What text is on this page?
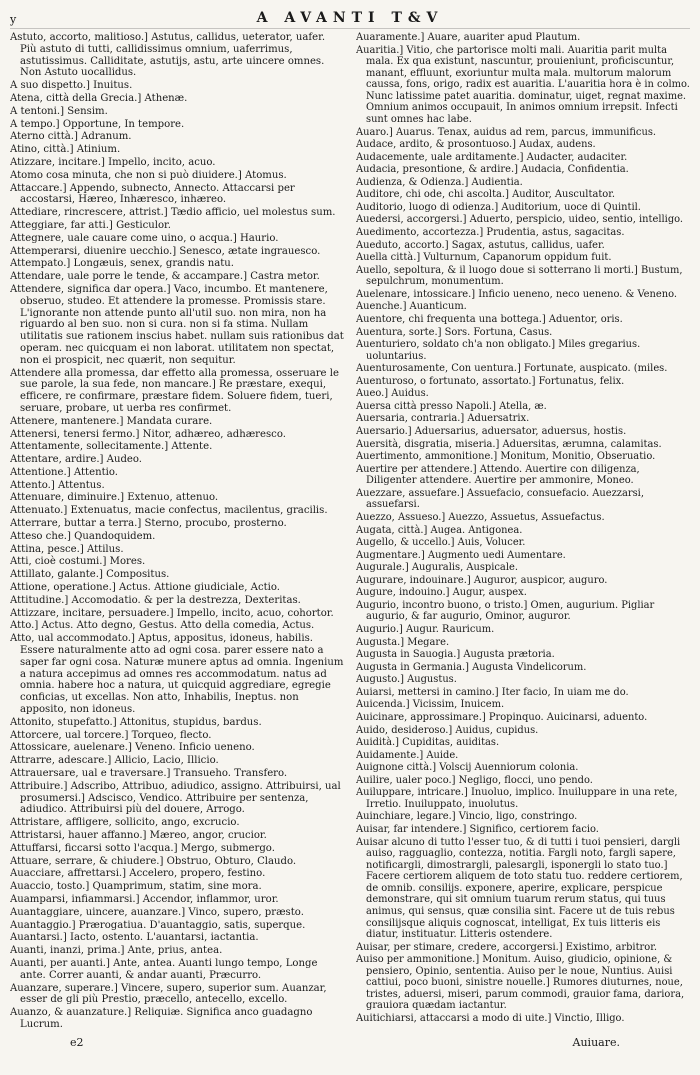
y	A AVANTI T&V
Astuto, accorto, malitioso.] Astutus, callidus, ueterator, uafer. Più astuto di tutti, callidissimus omnium, uaferrimus, astutissimus. Calliditate, astutijs, astu, arte uincere omnes. Non Astuto uocallidus.
A suo dispetto.] Inuitus.
Atena, città della Grecia.] Athenæ.
A tentoni.] Sensim.
A tempo.] Opportune, In tempore.
Aterno città.] Adranum.
Atino, città.] Atinium.
Atizzare, incitare.] Impello, incito, acuo.
Atomo cosa minuta, che non si può diuidere.] Atomus.
Attaccare.] Appendo, subnecto, Annecto. Attaccarsi per accostarsi, Hæreo, Inhæresco, inhæreo.
Attediare, rincrescere, attrist.] Tædio afficio, uel molestus sum.
Atteggiare, far atti.] Gesticulor.
Attegnere, uale cauare come uino, o acqua.] Haurio.
Attemperarsi, diuenire uecchio.] Senesco, ætate ingrauesco.
Attempato.] Longæuis, senex, grandis natu.
Attendare, uale porre le tende, & accampare.] Castra metor.
Attendere, significa dar opera.] Vaco, incumbo. Et mantenere, obseruo, studeo. Et attendere la promesse. Promissis stare. L'ignorante non attende punto all'util suo. non mira, non ha riguardo al ben suo. non si cura. non si fa stima. Nullam utilitatis sue rationem inscius habet. nullam suis rationibus dat operam. nec quicquam ei non laborat. utilitatem non spectat, non ei prospicit, nec quærit, non sequitur.
Attendere alla promessa, dar effetto alla promessa, osseruare le sue parole, la sua fede, non mancare.] Re præstare, exequi, efficere, re confirmare, præstare fidem. Soluere fidem, tueri, seruare, probare, ut uerba res confirmet.
Attenere, mantenere.] Mandata curare.
Attenersi, tenersi fermo.] Nitor, adhæreo, adhæresco.
Attentamente, sollecitamente.] Attente.
Attentare, ardire.] Audeo.
Attentione.] Attentio.
Attento.] Attentus.
Attenuare, diminuire.] Extenuo, attenuo.
Attenuato.] Extenuatus, macie confectus, macilentus, gracilis.
Atterrare, buttar a terra.] Sterno, procubo, prosterno.
Atteso che.] Quandoquidem.
Attina, pesce.] Attilus.
Atti, cioè costumi.] Mores.
Attillato, galante.] Compositus.
Attione, operatione.] Actus. Attione giudiciale, Actio.
Attitudine.] Accomodatio. & per la destrezza, Dexteritas.
Attizzare, incitare, persuadere.] Impello, incito, acuo, cohortor.
Atto.] Actus. Atto degno, Gestus. Atto della comedia, Actus.
Atto, ual accommodato.] Aptus, appositus, idoneus, habilis. Essere naturalmente atto ad ogni cosa. parer essere nato a saper far ogni cosa. Naturæ munere aptus ad omnia. Ingenium a natura accepimus ad omnes res accommodatum. natus ad omnia. habere hoc a natura, ut quicquid aggrediare, egregie conficias, ut excellas. Non atto, Inhabilis, Ineptus. non apposito, non idoneus.
Attonito, stupefatto.] Attonitus, stupidus, bardus.
Attorcere, ual torcere.] Torqueo, flecto.
Attossicare, auelenare.] Veneno. Inficio ueneno.
Attrarre, adescare.] Allicio, Lacio, Illicio.
Attrauersare, ual e traversare.] Transueho. Transfero.
Attribuire.] Adscribo, Attribuo, adiudico, assigno. Attribuirsi, ual prosumersi.] Adscisco, Vendico. Attribuire per sentenza, adiudico. Attribuirsi più del douere, Arrogo.
Attristare, affligere, sollicito, ango, excrucio.
Attristarsi, hauer affanno.] Mæreo, angor, crucior.
Attuffarsi, ficcarsi sotto l'acqua.] Mergo, submergo.
Attuare, serrare, & chiudere.] Obstruo, Obturo, Claudo.
Auacciare, affrettarsi.] Accelero, propero, festino.
Auaccio, tosto.] Quamprimum, statim, sine mora.
Auamparsi, infiammarsi.] Accendor, inflammor, uror.
Auantaggiare, uincere, auanzare.] Vinco, supero, præsto.
Auantaggio.] Prærogatiua. D'auantaggio, satis, superque.
Auantarsi.] Iacto, ostento. L'auantarsi, iactantia.
Auanti, inanzi, prima.] Ante, prius, antea.
Auanti, per auanti.] Ante, antea. Auanti lungo tempo, Longe ante. Correr auanti, & andar auanti, Præcurro.
Auanzare, superare.] Vincere, supero, superior sum. Auanzar, esser de gli più Prestio, præcello, antecello, excello.
Auanzo, & auanzature.] Reliquiæ. Significa anco guadagno Lucrum.
Auaramente.] Auare, auariter apud Plautum.
Auaritia.] Vitio, che partorisce molti mali. Auaritia parit multa mala. Ex qua existunt, nascuntur, prouieniunt, proficiscuntur, manant, effluunt, exoriuntur multa mala. multorum malorum caussa, fons, origo, radix est auaritia. L'auaritia hora è in colmo. Nunc latissime patet auaritia. dominatur, uiget, regnat maxime. Omnium animos occupauit, In animos omnium irrepsit. Infecti sunt omnes hac labe.
Auaro.] Auarus. Tenax, auidus ad rem, parcus, immunificus.
Audace, ardito, & prosontuoso.] Audax, audens.
Audacemente, uale arditamente.] Audacter, audaciter.
Audacia, presontione, & ardire.] Audacia, Confidentia.
Audienza, & Odienza.] Audientia.
Auditore, chi ode, chi ascolta.] Auditor, Auscultator.
Auditorio, luogo di odienza.] Auditorium, uoce di Quintil.
Auedersi, accorgersi.] Aduerto, perspicio, uideo, sentio, intelligo.
Auedimento, accortezza.] Prudentia, astus, sagacitas.
Aueduto, accorto.] Sagax, astutus, callidus, uafer.
Auella città.] Vulturnum, Capanorum oppidum fuit.
Auello, sepoltura, & il luogo doue si sotterrano li morti.] Bustum, sepulchrum, monumentum.
Auelenare, intossicare.] Inficio ueneno, neco ueneno. & Veneno.
Auenche.] Auanticum.
Auentore, chi frequenta una bottega.] Aduentor, oris.
Auentura, sorte.] Sors. Fortuna, Casus.
Auenturiero, soldato ch'a non obligato.] Miles gregarius. uoluntarius.
Auenturosamente, Con uentura.] Fortunate, auspicato. (miles.
Auenturoso, o fortunato, assortato.] Fortunatus, felix.
Aueo.] Auidus.
Auersa città presso Napoli.] Atella, æ.
Auersaria, contraria.] Aduersatrix.
Auersario.] Aduersarius, aduersator, aduersus, hostis.
Auersità, disgratia, miseria.] Aduersitas, ærumna, calamitas.
Auertimento, ammonitione.] Monitum, Monitio, Obseruatio.
Auertire per attendere.] Attendo. Auertire con diligenza, Diligenter attendere. Auertire per ammonire, Moneo.
Auezzare, assuefare.] Assuefacio, consuefacio. Auezzarsi, assuefarsi.
Auezzo, Assueso.] Auezzo, Assuetus, Assuefactus.
Augata, città.] Augea. Antigonea.
Augello, & uccello.] Auis, Volucer.
Augmentare.] Augmento uedi Aumentare.
Augurale.] Auguralis, Auspicale.
Augurare, indouinare.] Auguror, auspicor, auguro.
Augure, indouino.] Augur, auspex.
Augurio, incontro buono, o tristo.] Omen, augurium. Pigliar augurio, & far augurio, Ominor, auguror.
Augurio.] Augur. Rauricum.
Augusta.] Megare.
Augusta in Sauogia.] Augusta prætoria.
Augusta in Germania.] Augusta Vindelicorum.
Augusto.] Augustus.
Auiarsi, mettersi in camino.] Iter facio, In uiam me do.
Auicenda.] Vicissim, Inuicem.
Auicinare, approssimare.] Propinquo. Auicinarsi, aduento.
Auido, desideroso.] Auidus, cupidus.
Auidità.] Cupiditas, auiditas.
Auidamente.] Auide.
Auignone città.] Volscij Auenniorum colonia.
Auilire, ualer poco.] Negligo, flocci, uno pendo.
Auiluppare, intricare.] Inuoluo, implico. Inuiluppare in una rete, Irretio. Inuiluppato, inuolutus.
Auinchiare, legare.] Vincio, ligo, constringo.
Auisar, far intendere.] Significo, certiorem facio.
Auisar alcuno di tutto l'esser tuo, & di tutti i tuoi pensieri, dargli auiso, ragguaglio, contezza, notitia. Fargli noto, fargli sapere, notificargli, dimostrargli, palesargli, isponergli lo stato tuo.] Facere certiorem aliquem de toto statu tuo. reddere certiorem, de omnib. consilijs. exponere, aperire, explicare, perspicue demonstrare, qui sit omnium tuarum rerum status, qui tuus animus, qui sensus, quæ consilia sint. Facere ut de tuis rebus consilijsque aliquis cognoscat, intelligat, Ex tuis litteris eis diatur, instituatur. Litteris ostendere.
Auisar, per stimare, credere, accorgersi.] Existimo, arbitror.
Auiso per ammonitione.] Monitum. Auiso, giudicio, opinione, & pensiero, Opinio, sententia. Auiso per le noue, Nuntius. Auisi cattiui, poco buoni, sinistre nouelle.] Rumores diuturnes, noue, tristes, aduersi, miseri, parum commodi, grauior fama, dariora, grauiora quædam iactantur.
Auitichiarsi, attaccarsi a modo di uite.] Vinctio, Illigo.
e2	Auiuare.
